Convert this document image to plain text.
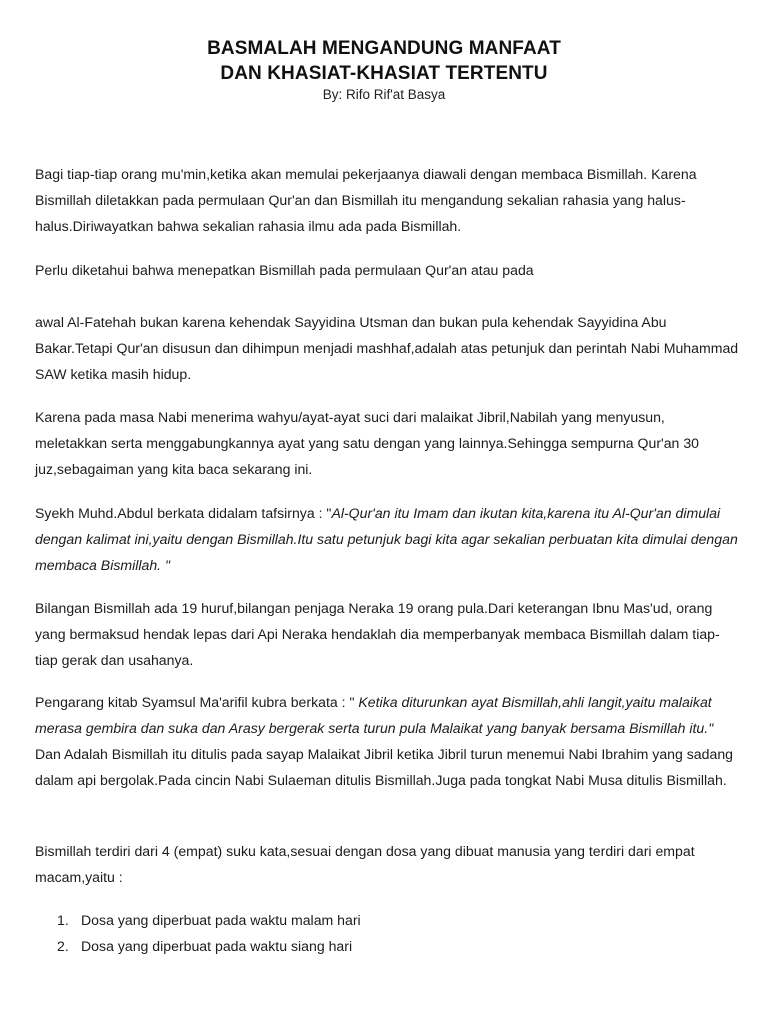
BASMALAH MENGANDUNG MANFAAT
DAN KHASIAT-KHASIAT TERTENTU
By: Rifo Rif'at Basya

Bagi tiap-tiap orang mu'min,ketika akan memulai pekerjaanya diawali dengan membaca Bismillah. Karena Bismillah diletakkan pada permulaan Qur'an dan Bismillah itu mengandung sekalian rahasia yang halus-halus.Diriwayatkan bahwa sekalian rahasia ilmu ada pada Bismillah.

Perlu diketahui bahwa menepatkan Bismillah pada permulaan Qur'an atau pada

awal Al-Fatehah bukan karena kehendak Sayyidina Utsman dan bukan pula kehendak Sayyidina Abu Bakar.Tetapi Qur'an disusun dan dihimpun menjadi mashhaf,adalah atas petunjuk dan perintah Nabi Muhammad SAW ketika masih hidup.

Karena pada masa Nabi menerima wahyu/ayat-ayat suci dari malaikat Jibril,Nabilah yang menyusun, meletakkan serta menggabungkannya ayat yang satu dengan yang lainnya.Sehingga sempurna Qur'an 30 juz,sebagaiman yang kita baca sekarang ini.

Syekh Muhd.Abdul berkata didalam tafsirnya : "Al-Qur'an itu Imam dan ikutan kita,karena itu Al-Qur'an dimulai dengan kalimat ini,yaitu dengan Bismillah.Itu satu petunjuk bagi kita agar sekalian perbuatan kita dimulai dengan membaca Bismillah. "

Bilangan Bismillah ada 19 huruf,bilangan penjaga Neraka 19 orang pula.Dari keterangan Ibnu Mas'ud, orang yang bermaksud hendak lepas dari Api Neraka hendaklah dia memperbanyak membaca Bismillah dalam tiap-tiap gerak dan usahanya.

Pengarang kitab Syamsul Ma'arifil kubra berkata : " Ketika diturunkan ayat Bismillah,ahli langit,yaitu malaikat merasa gembira dan suka dan Arasy bergerak serta turun pula Malaikat yang banyak bersama Bismillah itu." Dan Adalah Bismillah itu ditulis pada sayap Malaikat Jibril ketika Jibril turun menemui Nabi Ibrahim yang sadang dalam api bergolak.Pada cincin Nabi Sulaeman ditulis Bismillah.Juga pada tongkat Nabi Musa ditulis Bismillah.

Bismillah terdiri dari 4 (empat) suku kata,sesuai dengan dosa yang dibuat manusia yang terdiri dari empat macam,yaitu :

1. Dosa yang diperbuat pada waktu malam hari
2. Dosa yang diperbuat pada waktu siang hari
